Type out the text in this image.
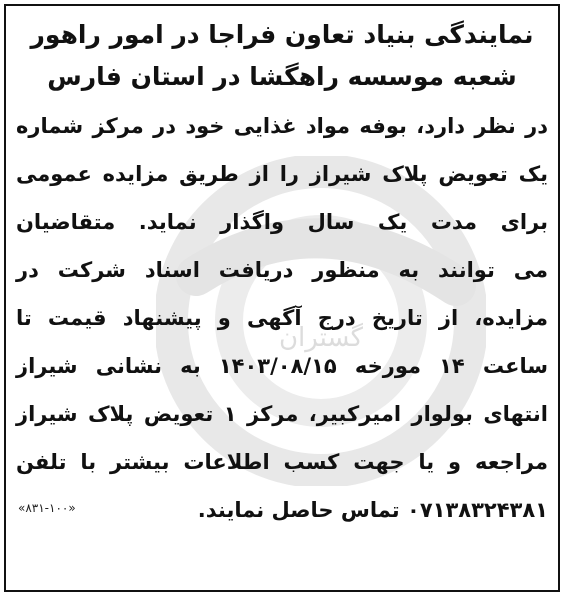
گستران
نمایندگی بنیاد تعاون فراجا در امور راهور
شعبه موسسه راهگشا در استان فارس
در نظر دارد، بوفه مواد غذایی خود در مرکز شماره
یک تعویض پلاک شیراز را از طریق مزایده عمومی
برای مدت یک سال واگذار نماید. متقاضیان
می توانند به منظور دریافت اسناد شرکت در
مزایده، از تاریخ درج آگهی و پیشنهاد قیمت تا
ساعت ۱۴ مورخه ۱۴۰۳/۰۸/۱۵ به نشانی شیراز
انتهای بولوار امیرکبیر، مرکز ۱ تعویض پلاک شیراز
مراجعه و یا جهت کسب اطلاعات بیشتر با تلفن
۰۷۱۳۸۳۲۴۳۸۱ تماس حاصل نمایند.
«۸۳۱-۱۰۰»
